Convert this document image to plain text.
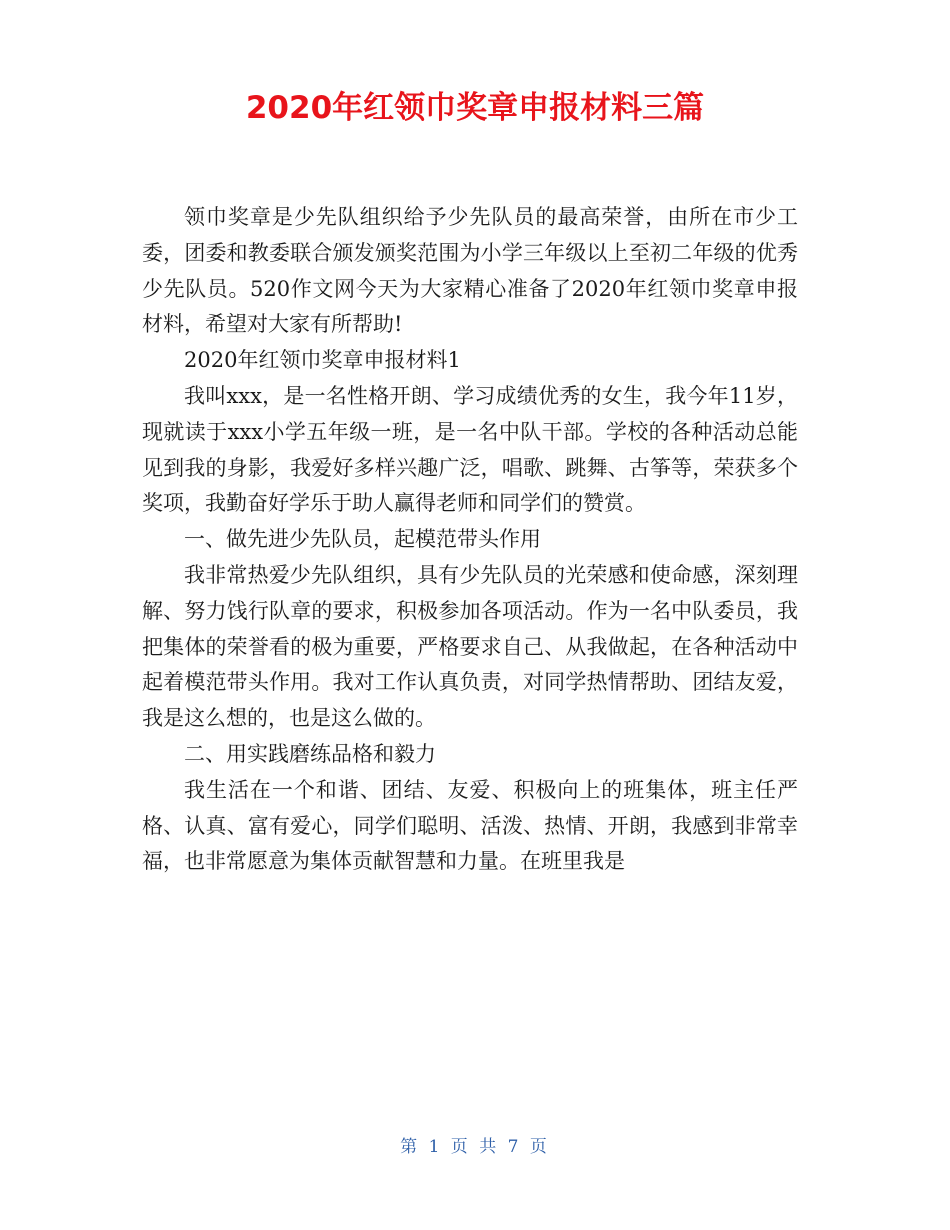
2020年红领巾奖章申报材料三篇

领巾奖章是少先队组织给予少先队员的最高荣誉，由所在市少工委，团委和教委联合颁发颁奖范围为小学三年级以上至初二年级的优秀少先队员。520作文网今天为大家精心准备了2020年红领巾奖章申报材料，希望对大家有所帮助!

2020年红领巾奖章申报材料1

我叫xxx，是一名性格开朗、学习成绩优秀的女生，我今年11岁，现就读于xxx小学五年级一班，是一名中队干部。学校的各种活动总能见到我的身影，我爱好多样兴趣广泛，唱歌、跳舞、古筝等，荣获多个奖项，我勤奋好学乐于助人赢得老师和同学们的赞赏。

一、做先进少先队员，起模范带头作用

我非常热爱少先队组织，具有少先队员的光荣感和使命感，深刻理解、努力饯行队章的要求，积极参加各项活动。作为一名中队委员，我把集体的荣誉看的极为重要，严格要求自己、从我做起，在各种活动中起着模范带头作用。我对工作认真负责，对同学热情帮助、团结友爱，我是这么想的，也是这么做的。

二、用实践磨练品格和毅力

我生活在一个和谐、团结、友爱、积极向上的班集体，班主任严格、认真、富有爱心，同学们聪明、活泼、热情、开朗，我感到非常幸福，也非常愿意为集体贡献智慧和力量。在班里我是

第 1 页 共 7 页
